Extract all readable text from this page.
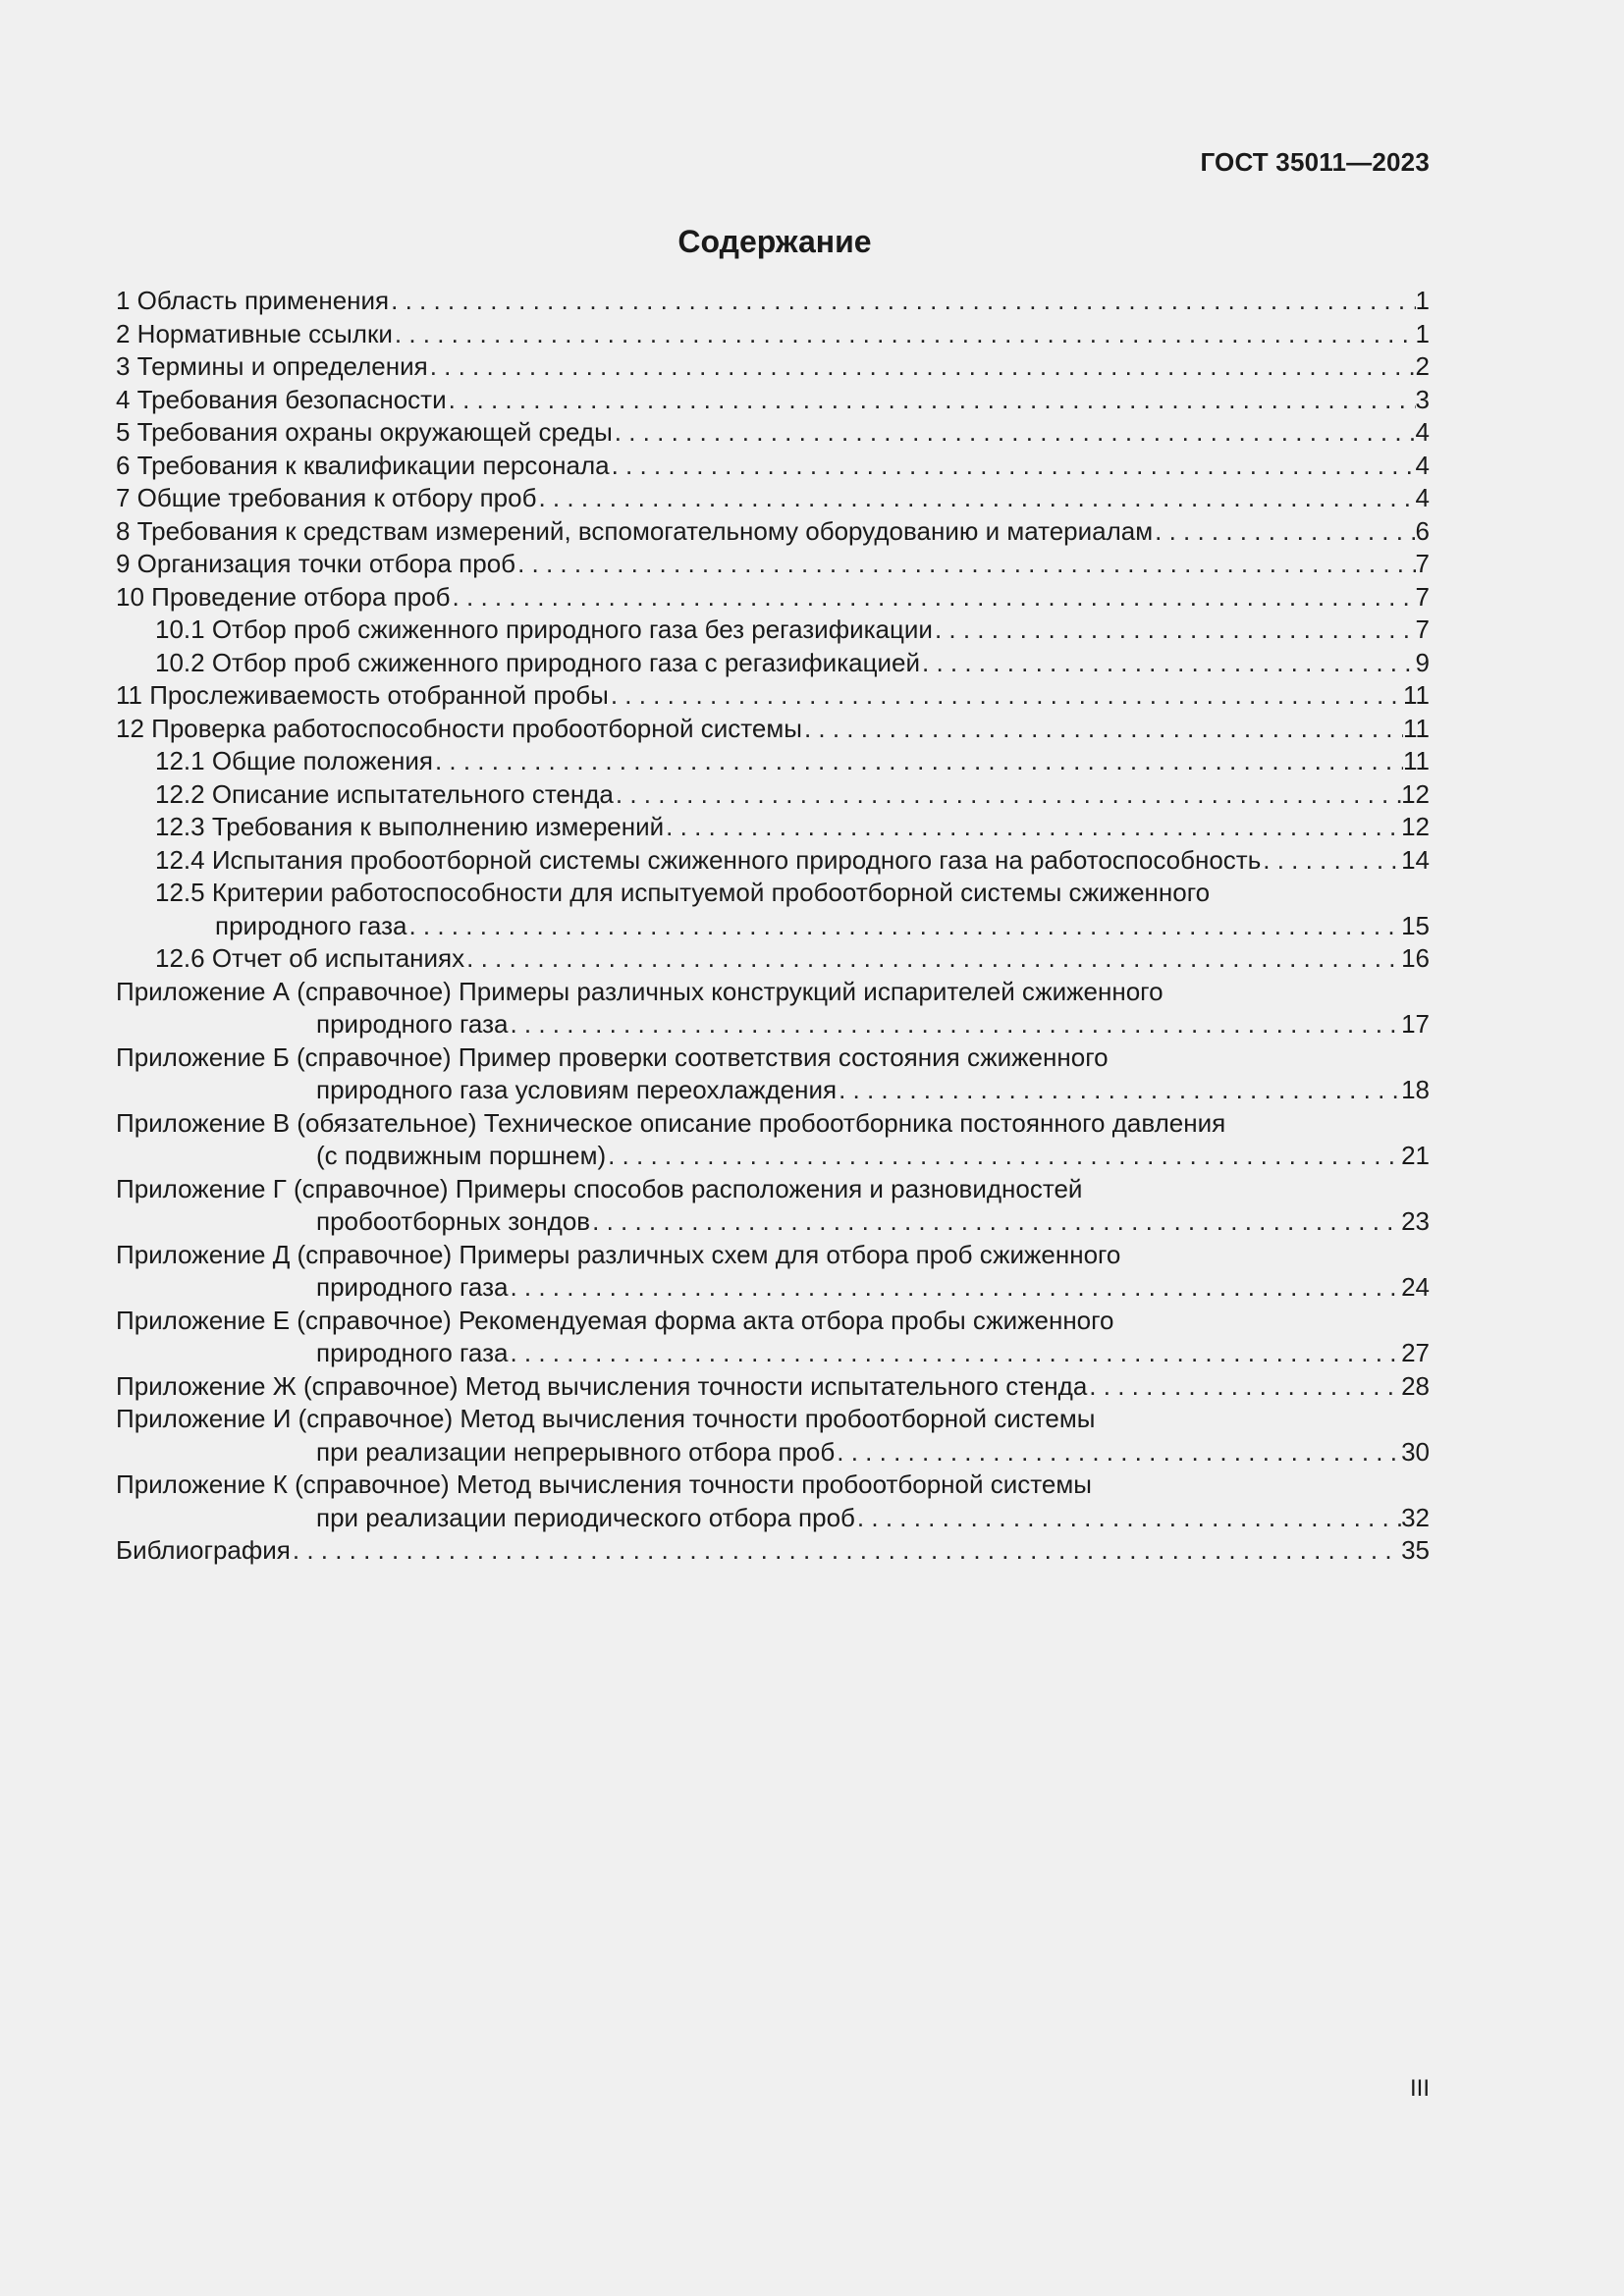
ГОСТ 35011—2023
Содержание
1 Область применения . . .	1
2 Нормативные ссылки . . .	1
3 Термины и определения . . .	2
4 Требования безопасности . . .	3
5 Требования охраны окружающей среды . . .	4
6 Требования к квалификации персонала . . .	4
7 Общие требования к отбору проб . . .	4
8 Требования к средствам измерений, вспомогательному оборудованию и материалам . . .	6
9 Организация точки отбора проб . . .	7
10 Проведение отбора проб . . .	7
10.1 Отбор проб сжиженного природного газа без регазификации . . .	7
10.2 Отбор проб сжиженного природного газа с регазификацией . . .	9
11 Прослеживаемость отобранной пробы . . .	11
12 Проверка работоспособности пробоотборной системы . . .	11
12.1 Общие положения . . .	11
12.2 Описание испытательного стенда . . .	12
12.3 Требования к выполнению измерений . . .	12
12.4 Испытания пробоотборной системы сжиженного природного газа на работоспособность . . .	14
12.5 Критерии работоспособности для испытуемой пробоотборной системы сжиженного
природного газа . . .	15
12.6 Отчет об испытаниях . . .	16
Приложение А (справочное) Примеры различных конструкций испарителей сжиженного
природного газа . . .	17
Приложение Б (справочное) Пример проверки соответствия состояния сжиженного
природного газа условиям переохлаждения . . .	18
Приложение В (обязательное) Техническое описание пробоотборника постоянного давления
(с подвижным поршнем) . . .	21
Приложение Г (справочное) Примеры способов расположения и разновидностей
пробоотборных зондов . . .	23
Приложение Д (справочное) Примеры различных схем для отбора проб сжиженного
природного газа . . .	24
Приложение Е (справочное) Рекомендуемая форма акта отбора пробы сжиженного
природного газа . . .	27
Приложение Ж (справочное) Метод вычисления точности испытательного стенда . . .	28
Приложение И (справочное) Метод вычисления точности пробоотборной системы
при реализации непрерывного отбора проб . . .	30
Приложение К (справочное) Метод вычисления точности пробоотборной системы
при реализации периодического отбора проб . . .	32
Библиография . . .	35
III
